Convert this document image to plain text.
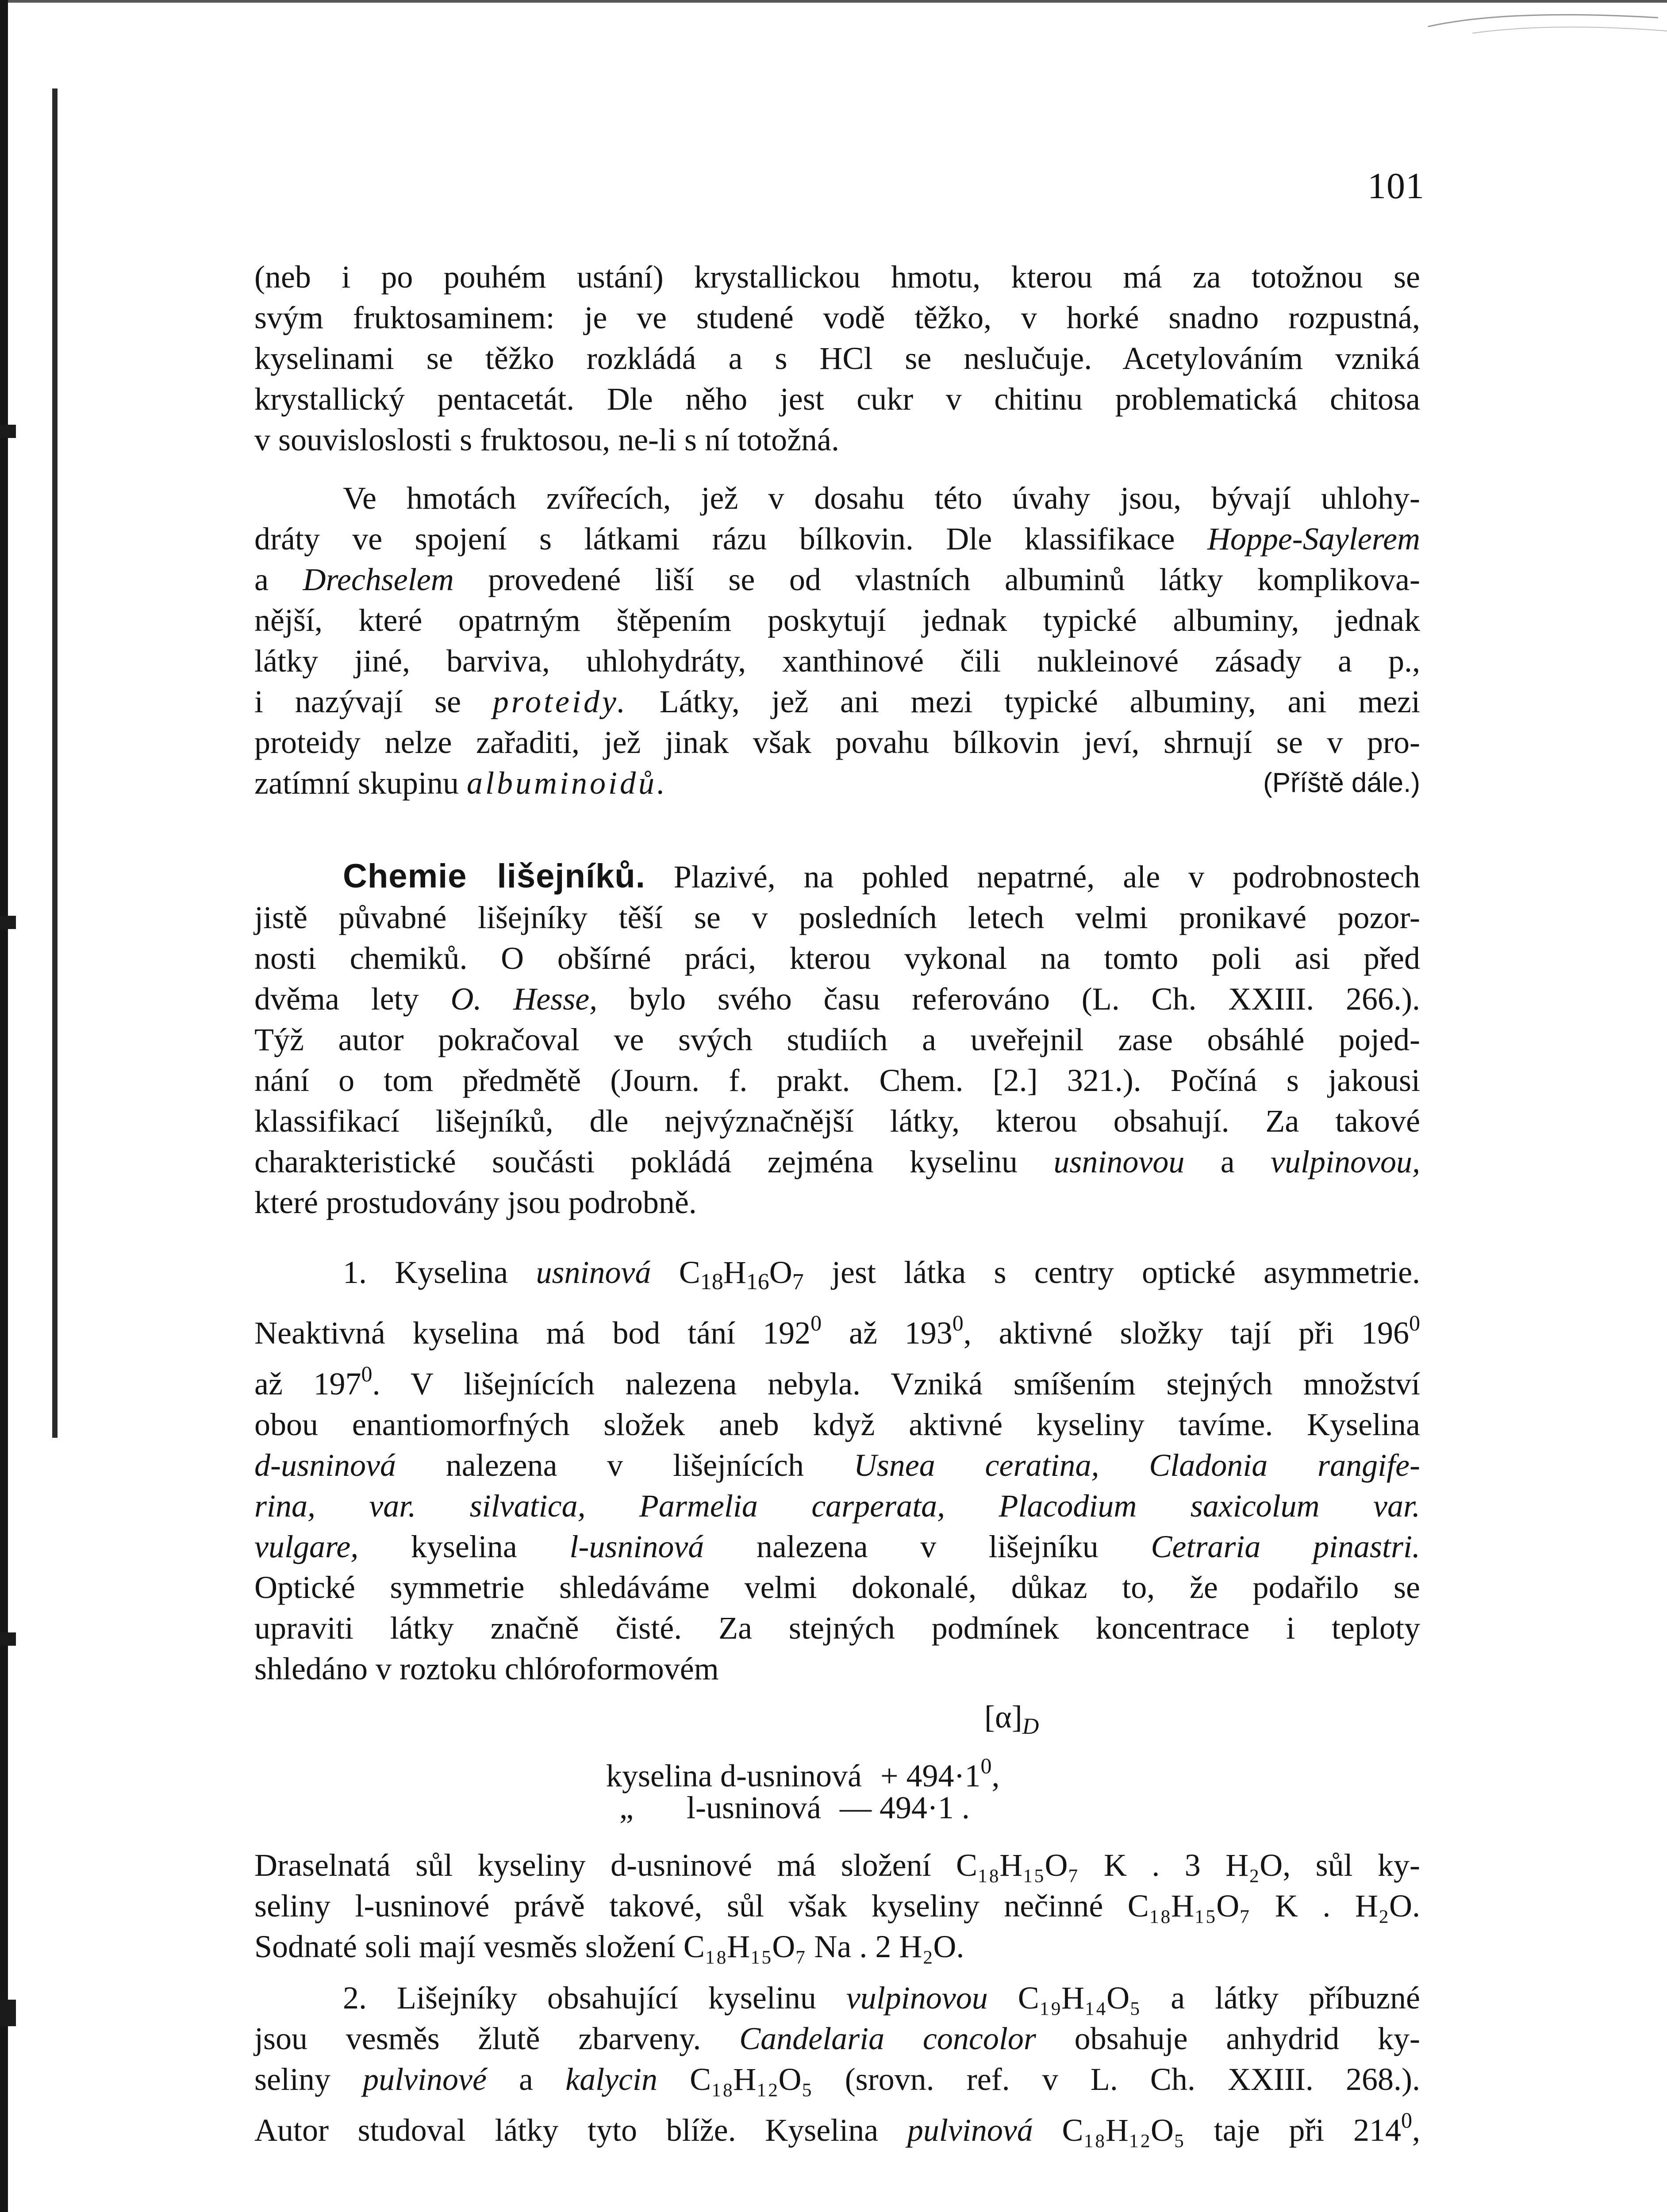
101
(neb i po pouhém ustání) krystallickou hmotu, kterou má za totožnou se
svým fruktosaminem: je ve studené vodě těžko, v horké snadno rozpustná,
kyselinami se těžko rozkládá a s HCl se neslučuje. Acetylováním vzniká
krystallický pentacetát. Dle něho jest cukr v chitinu problematická chitosa
v souvisloslosti s fruktosou, ne-li s ní totožná.
Ve hmotách zvířecích, jež v dosahu této úvahy jsou, bývají uhlohy-
dráty ve spojení s látkami rázu bílkovin. Dle klassifikace Hoppe-Saylerem
a Drechselem provedené liší se od vlastních albuminů látky komplikova-
nější, které opatrným štěpením poskytují jednak typické albuminy, jednak
látky jiné, barviva, uhlohydráty, xanthinové čili nukleinové zásady a p.,
i nazývají se proteidy. Látky, jež ani mezi typické albuminy, ani mezi
proteidy nelze zařaditi, jež jinak však povahu bílkovin jeví, shrnují se v pro-
zatímní skupinu albuminoidů.	(Příště dále.)
Chemie lišejníků. Plazivé, na pohled nepatrné, ale v podrobnostech
jistě půvabné lišejníky těší se v posledních letech velmi pronikavé pozor-
nosti chemiků. O obšírné práci, kterou vykonal na tomto poli asi před
dvěma lety O. Hesse, bylo svého času referováno (L. Ch. XXIII. 266.).
Týž autor pokračoval ve svých studiích a uveřejnil zase obsáhlé pojed-
nání o tom předmětě (Journ. f. prakt. Chem. [2.] 321.). Počíná s jakousi
klassifikací lišejníků, dle nejvýznačnější látky, kterou obsahují. Za takové
charakteristické součásti pokládá zejména kyselinu usninovou a vulpinovou,
které prostudovány jsou podrobně.
1. Kyselina usninová $C_{18}H_{16}O_7$ jest látka s centry optické asymmetrie.
Neaktivná kyselina má bod tání $192^0$ až $193^0$, aktivné složky tají při $196^0$
až $197^0$. V lišejnících nalezena nebyla. Vzniká smíšením stejných množství
obou enantiomorfných složek aneb když aktivné kyseliny tavíme. Kyselina
d-usninová nalezena v lišejnících Usnea ceratina, Cladonia rangife-
rina, var. silvatica, Parmelia carperata, Placodium saxicolum var.
vulgare, kyselina l-usninová nalezena v lišejníku Cetraria pinastri.
Optické symmetrie shledáváme velmi dokonalé, důkaz to, že podařilo se
upraviti látky značně čisté. Za stejných podmínek koncentrace i teploty
shledáno v roztoku chlóroformovém
$[\alpha]_D$
kyselina d-usninová + $494\cdot 1^0$,
„ l-usninová — 494·1 .
Draselnatá sůl kyseliny d-usninové má složení C₁₈H₁₅O₇ K . 3 H₂O, sůl ky-
seliny l-usninové právě takové, sůl však kyseliny nečinné C₁₈H₁₅O₇ K . H₂O.
Sodnaté soli mají vesměs složení C₁₈H₁₅O₇ Na . 2 H₂O.
2. Lišejníky obsahující kyselinu vulpinovou C₁₉H₁₄O₅ a látky příbuzné
jsou vesměs žlutě zbarveny. Candelaria concolor obsahuje anhydrid ky-
seliny pulvinové a kalycin C₁₈H₁₂O₅ (srovn. ref. v L. Ch. XXIII. 268.).
Autor studoval látky tyto blíže. Kyselina pulvinová C₁₈H₁₂O₅ taje při $214^0$,
